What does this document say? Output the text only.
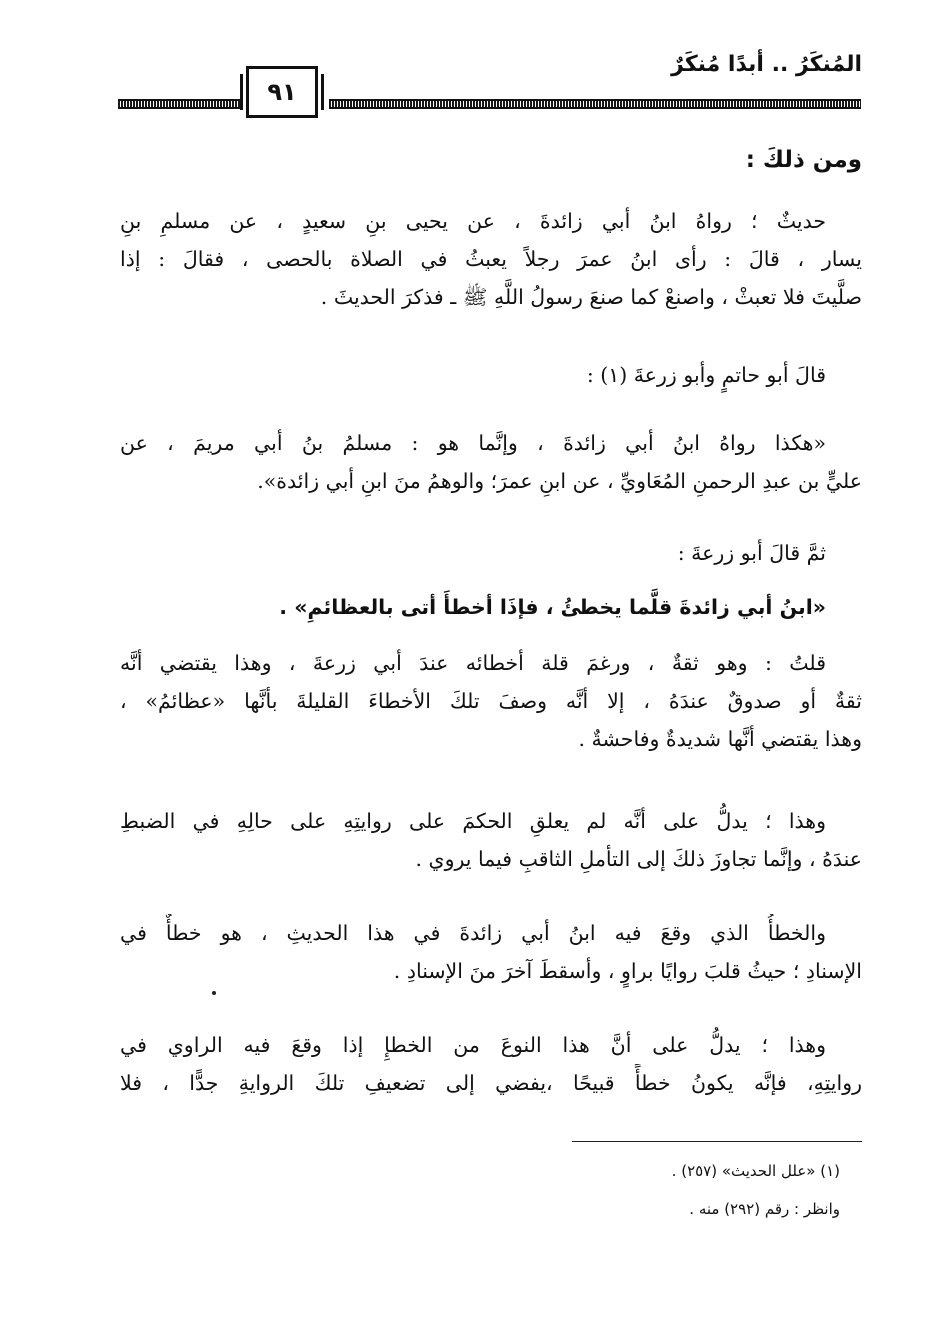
المُنكَرُ .. أبدًا مُنكَرٌ
٩١
ومن ذلكَ :
حديثٌ ؛ رواهُ ابنُ أبي زائدةَ ، عن يحيى بنِ سعيدٍ ، عن مسلمِ بنِ
يسار ، قالَ : رأى ابنُ عمرَ رجلاً يعبثُ في الصلاة بالحصى ، فقالَ : إذا
صلَّيتَ فلا تعبثْ ، واصنعْ كما صنعَ رسولُ اللَّهِ ﷺ ـ فذكرَ الحديثَ .
قالَ أبو حاتمٍ وأبو زرعةَ (١) :
«هكذا رواهُ ابنُ أبي زائدةَ ، وإنَّما هو : مسلمُ بنُ أبي مريمَ ، عن
عليٍّ بن عبدِ الرحمنِ المُعَاويِّ ، عن ابنِ عمرَ؛ والوهمُ منَ ابنِ أبي زائدة».
ثمَّ قالَ أبو زرعةَ :
«ابنُ أبي زائدةَ قلَّما يخطئُ ، فإذَا أخطأَ أتى بالعظائمِ» .
قلتُ : وهو ثقةٌ ، ورغمَ قلة أخطائه عندَ أبي زرعةَ ، وهذا يقتضي أنَّه
ثقةٌ أو صدوقٌ عندَهُ ، إلا أنَّه وصفَ تلكَ الأخطاءَ القليلةَ بأنَّها «عظائمُ» ،
وهذا يقتضي أنَّها شديدةٌ وفاحشةٌ .
وهذا ؛ يدلُّ على أنَّه لم يعلقِ الحكمَ على روايتِهِ على حالِهِ في الضبطِ
عندَهُ ، وإنَّما تجاوزَ ذلكَ إلى التأملِ الثاقبِ فيما يروي .
والخطأُ الذي وقعَ فيه ابنُ أبي زائدةَ في هذا الحديثِ ، هو خطأٌ في
الإسنادِ ؛ حيثُ قلبَ روايًا براوٍ ، وأسقطَ آخرَ منَ الإسنادِ .
وهذا ؛ يدلُّ على أنَّ هذا النوعَ من الخطإِ إذا وقعَ فيه الراوي في
روايتِهِ، فإنَّه يكونُ خطأً قبيحًا ،يفضي إلى تضعيفِ تلكَ الروايةِ جدًّا ، فلا
(١) «علل الحديث» (٢٥٧) .
وانظر : رقم (٢٩٢) منه .
